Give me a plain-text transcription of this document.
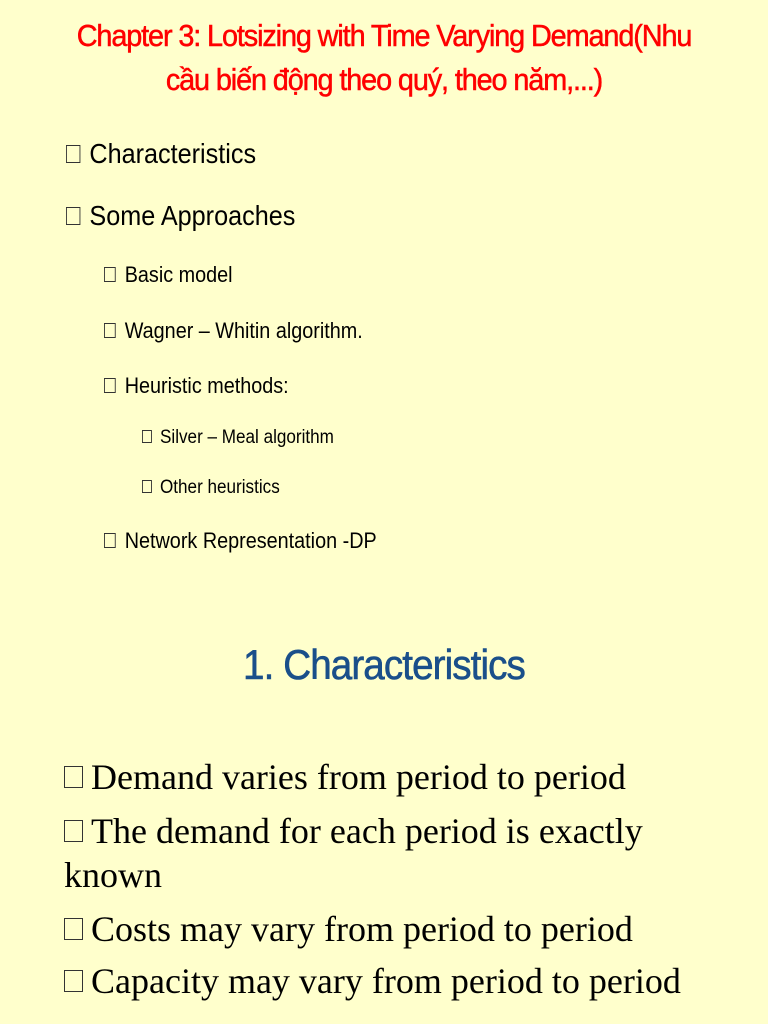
Chapter 3: Lotsizing with Time Varying Demand(Nhu
cầu biến động theo quý, theo năm,...)
Characteristics
Some Approaches
Basic model
Wagner – Whitin algorithm.
Heuristic methods:
Silver – Meal algorithm
Other heuristics
Network Representation -DP
1. Characteristics
Demand varies from period to period
The demand for each period is exactly known
Costs may vary from period to period
Capacity may vary from period to period
